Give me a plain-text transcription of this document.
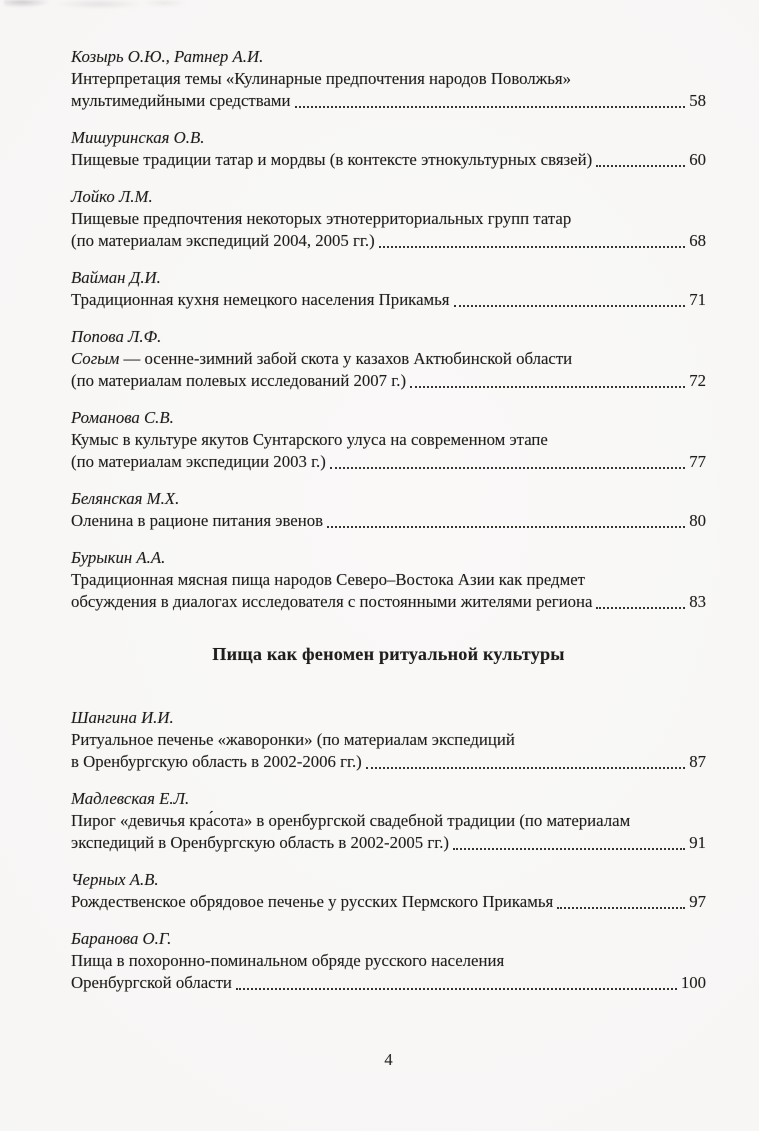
Козырь О.Ю., Ратнер А.И.
Интерпретация темы «Кулинарные предпочтения народов Поволжья»
мультимедийными средствами	58
Мишуринская О.В.
Пищевые традиции татар и мордвы (в контексте этнокультурных связей)	60
Лойко Л.М.
Пищевые предпочтения некоторых этнотерриториальных групп татар
(по материалам экспедиций 2004, 2005 гг.)	68
Вайман Д.И.
Традиционная кухня немецкого населения Прикамья	71
Попова Л.Ф.
Согым — осенне-зимний забой скота у казахов Актюбинской области
(по материалам полевых исследований 2007 г.)	72
Романова С.В.
Кумыс в культуре якутов Сунтарского улуса на современном этапе
(по материалам экспедиции 2003 г.)	77
Белянская М.Х.
Оленина в рационе питания эвенов	80
Бурыкин А.А.
Традиционная мясная пища народов Северо–Востока Азии как предмет
обсуждения в диалогах исследователя с постоянными жителями региона	83
Пища как феномен ритуальной культуры
Шангина И.И.
Ритуальное печенье «жаворонки» (по материалам экспедиций
в Оренбургскую область в 2002-2006 гг.)	87
Мадлевская Е.Л.
Пирог «девичья кра́сота» в оренбургской свадебной традиции (по материалам
экспедиций в Оренбургскую область в 2002-2005 гг.)	91
Черных А.В.
Рождественское обрядовое печенье у русских Пермского Прикамья	97
Баранова О.Г.
Пища в похоронно-поминальном обряде русского населения
Оренбургской области	100
4
